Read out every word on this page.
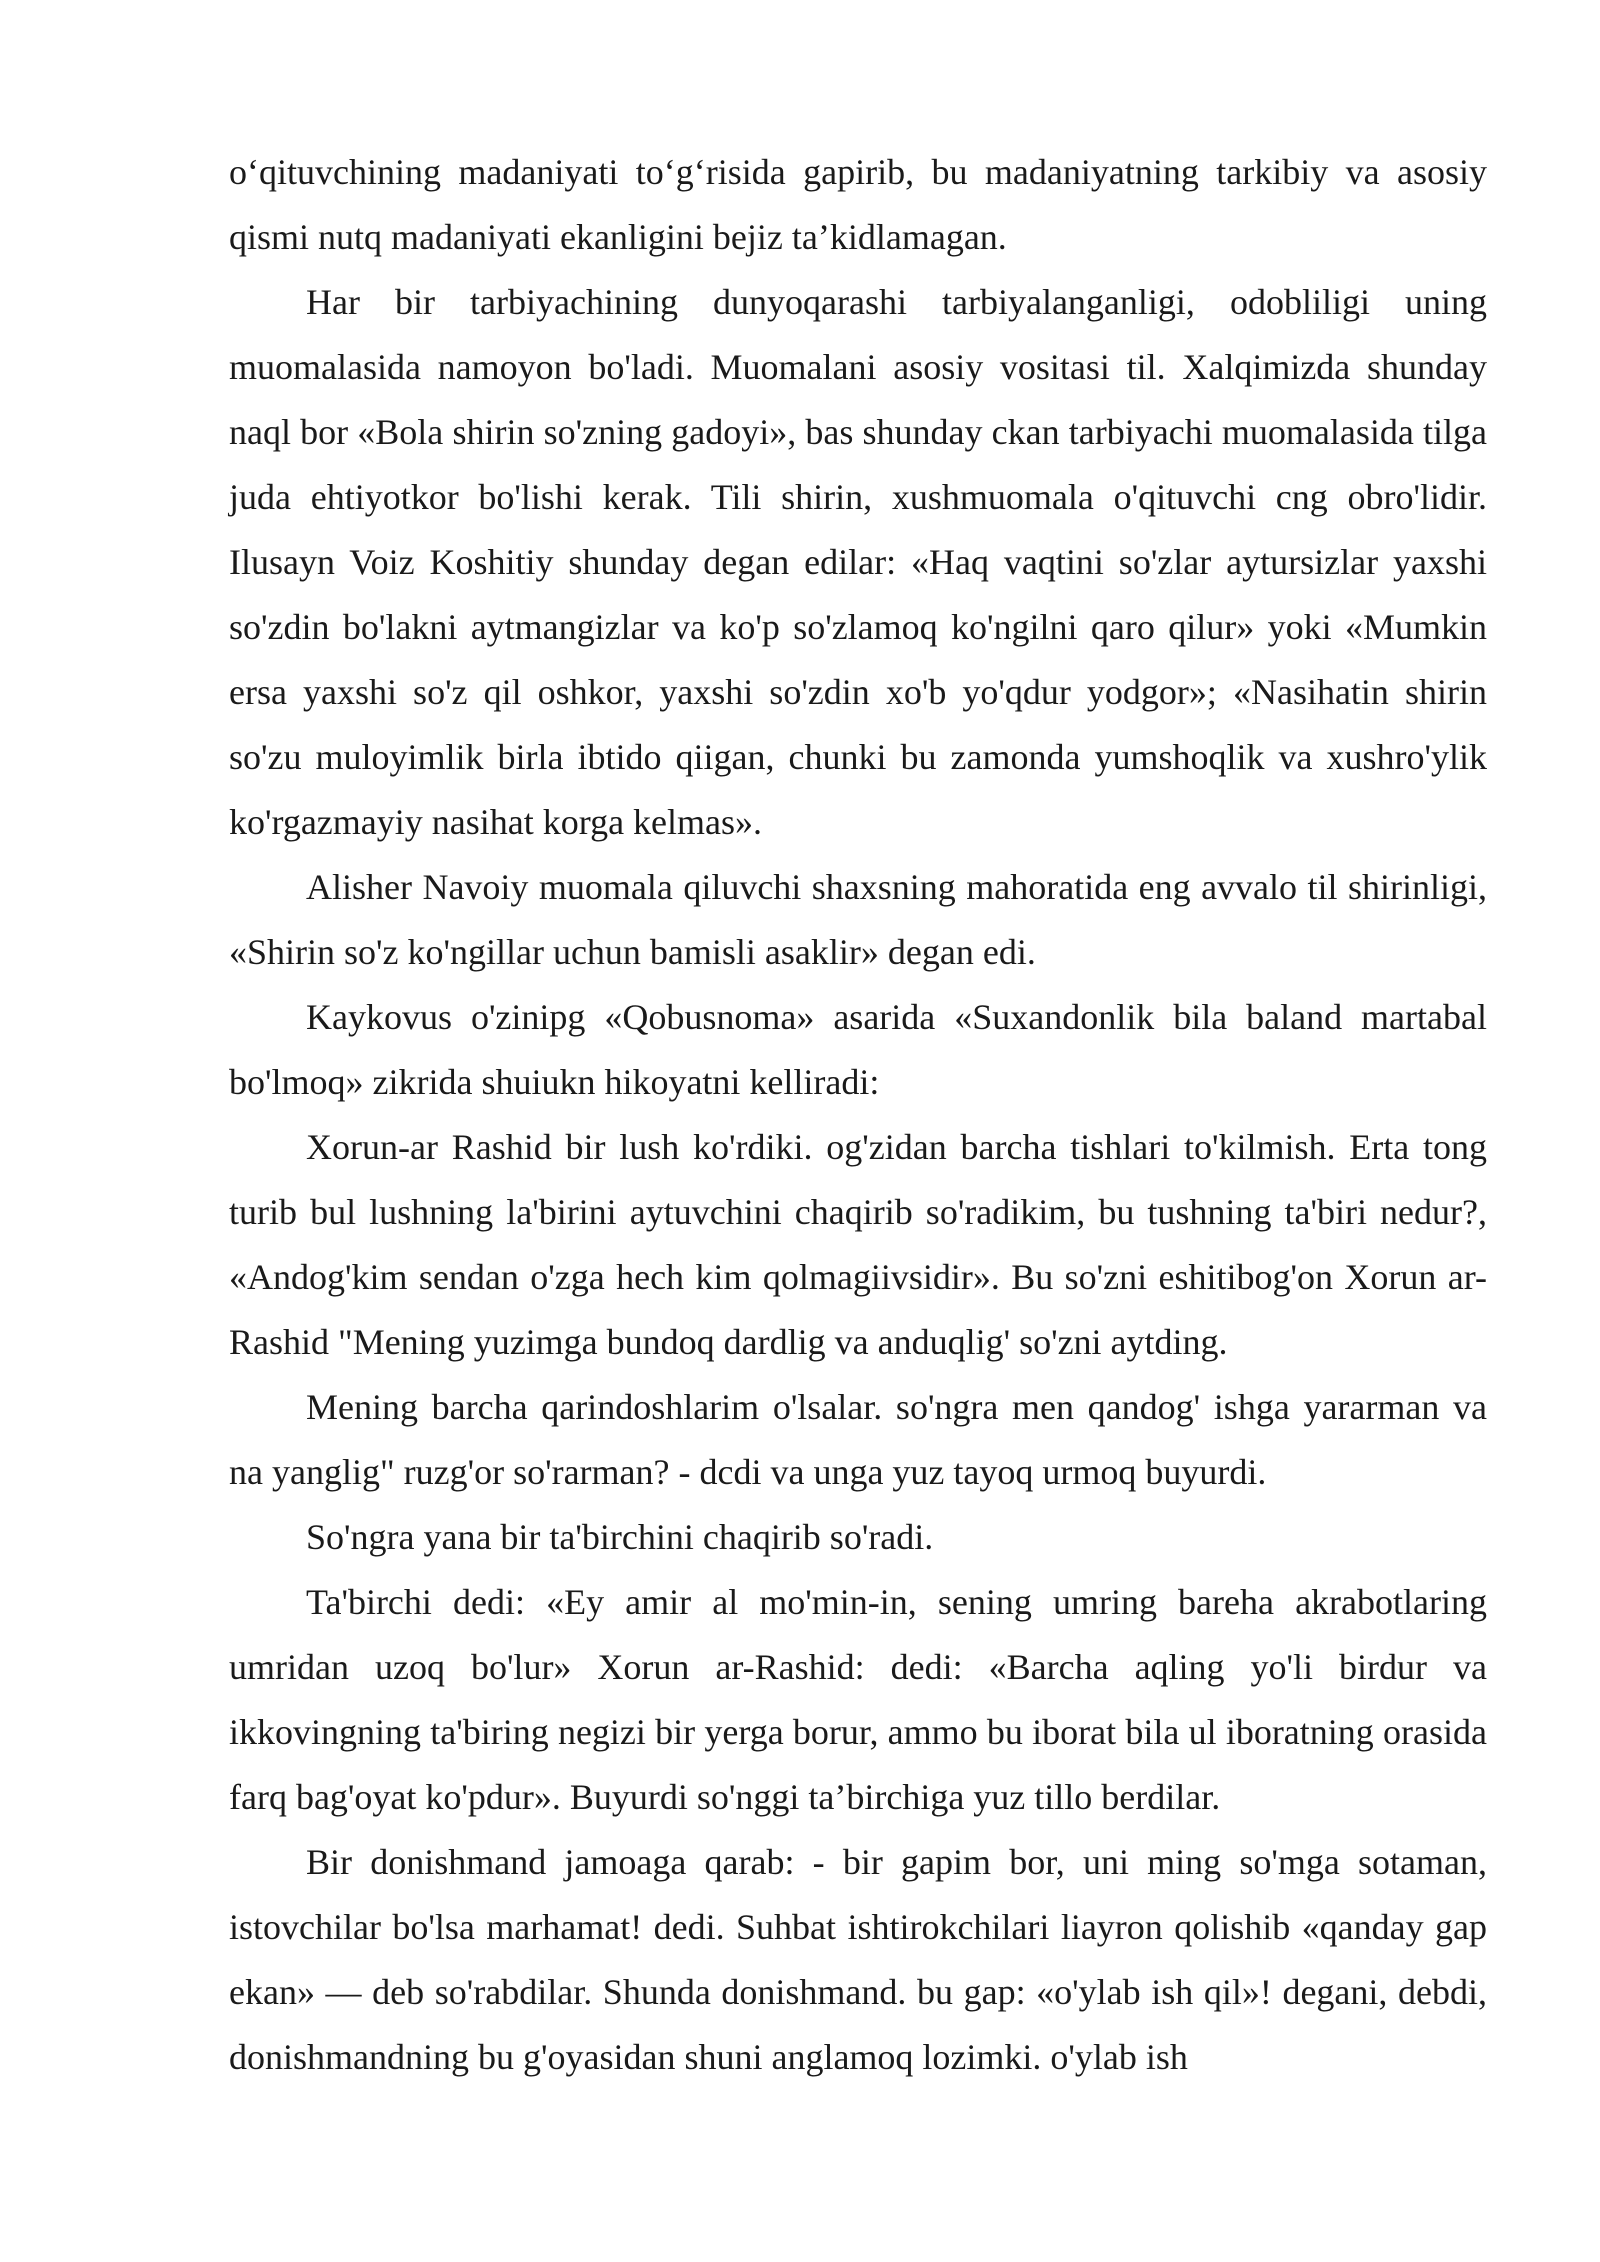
o‘qituvchining madaniyati to‘g‘risida gapirib, bu madaniyatning tarkibiy va asosiy qismi nutq madaniyati ekanligini bejiz ta’kidlamagan.

Har bir tarbiyachining dunyoqarashi tarbiyalanganligi, odobliligi uning muomalasida namoyon bo'ladi. Muomalani asosiy vositasi til. Xalqimizda shunday naql bor «Bola shirin so'zning gadoyi», bas shunday ckan tarbiyachi muomalasida tilga juda ehtiyotkor bo'lishi kerak. Tili shirin, xushmuomala o'qituvchi cng obro'lidir. Ilusayn Voiz Koshitiy shunday degan edilar: «Haq vaqtini so'zlar aytursizlar yaxshi so'zdin bo'lakni aytmangizlar va ko'p so'zlamoq ko'ngilni qaro qilur» yoki «Mumkin ersa yaxshi so'z qil oshkor, yaxshi so'zdin xo'b yo'qdur yodgor»; «Nasihatin shirin so'zu muloyimlik birla ibtido qiigan, chunki bu zamonda yumshoqlik va xushro'ylik ko'rgazmayiy nasihat korga kelmas».

Alisher Navoiy muomala qiluvchi shaxsning mahoratida eng avvalo til shirinligi, «Shirin so'z ko'ngillar uchun bamisli asaklir» degan edi.

Kaykovus o'zinipg «Qobusnoma» asarida «Suxandonlik bila baland martabal bo'lmoq» zikrida shuiukn hikoyatni kelliradi:

Xorun-ar Rashid bir lush ko'rdiki. og'zidan barcha tishlari to'kilmish. Erta tong turib bul lushning la'birini aytuvchini chaqirib so'radikim, bu tushning ta'biri nedur?, «Andog'kim sendan o'zga hech kim qolmagiivsidir». Bu so'zni eshitibog'on Xorun ar-Rashid "Mening yuzimga bundoq dardlig va anduqlig' so'zni aytding.

Mening barcha qarindoshlarim o'lsalar. so'ngra men qandog' ishga yararman va na yanglig" ruzg'or so'rarman? - dcdi va unga yuz tayoq urmoq buyurdi.

So'ngra yana bir ta'birchini chaqirib so'radi.

Ta'birchi dedi: «Ey amir al mo'min-in, sening umring bareha akrabotlaring umridan uzoq bo'lur» Xorun ar-Rashid: dedi: «Barcha aqling yo'li birdur va ikkovingning ta'biring negizi bir yerga borur, ammo bu iborat bila ul iboratning orasida farq bag'oyat ko'pdur». Buyurdi so'nggi ta’birchiga yuz tillo berdilar.

Bir donishmand jamoaga qarab: - bir gapim bor, uni ming so'mga sotaman, istovchilar bo'lsa marhamat! dedi. Suhbat ishtirokchilari liayron qolishib «qanday gap ekan» — deb so'rabdilar. Shunda donishmand. bu gap: «o'ylab ish qil»! degani, debdi, donishmandning bu g'oyasidan shuni anglamoq lozimki. o'ylab ish
